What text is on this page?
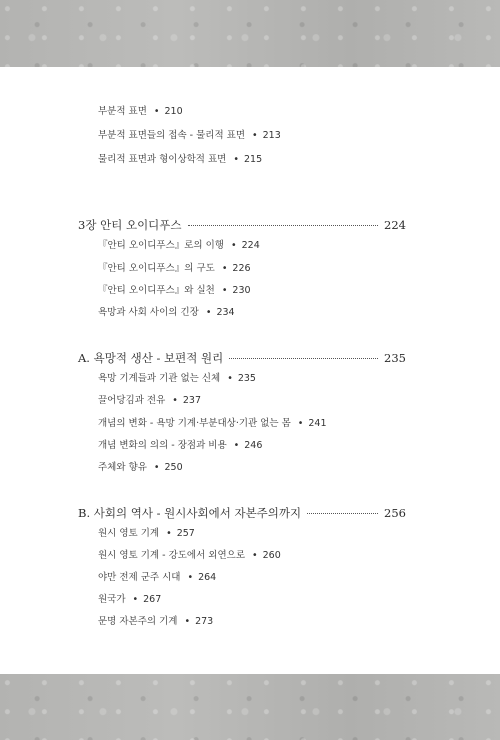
부분적 표면 • 210
부분적 표면들의 접속 - 물리적 표면 • 213
물리적 표면과 형이상학적 표면 • 215
3장 안티 오이디푸스	224
『안티 오이디푸스』로의 이행 • 224
『안티 오이디푸스』의 구도 • 226
『안티 오이디푸스』와 실천 • 230
욕망과 사회 사이의 긴장 • 234
A. 욕망적 생산 - 보편적 원리	235
욕망 기계들과 기관 없는 신체 • 235
끌어당김과 전유 • 237
개념의 변화 - 욕망 기계·부분대상·기관 없는 몸 • 241
개념 변화의 의의 - 장점과 비용 • 246
주체와 향유 • 250
B. 사회의 역사 - 원시사회에서 자본주의까지	256
원시 영토 기계 • 257
원시 영토 기계 - 강도에서 외연으로 • 260
야만 전제 군주 시대 • 264
원국가 • 267
문명 자본주의 기계 • 273
